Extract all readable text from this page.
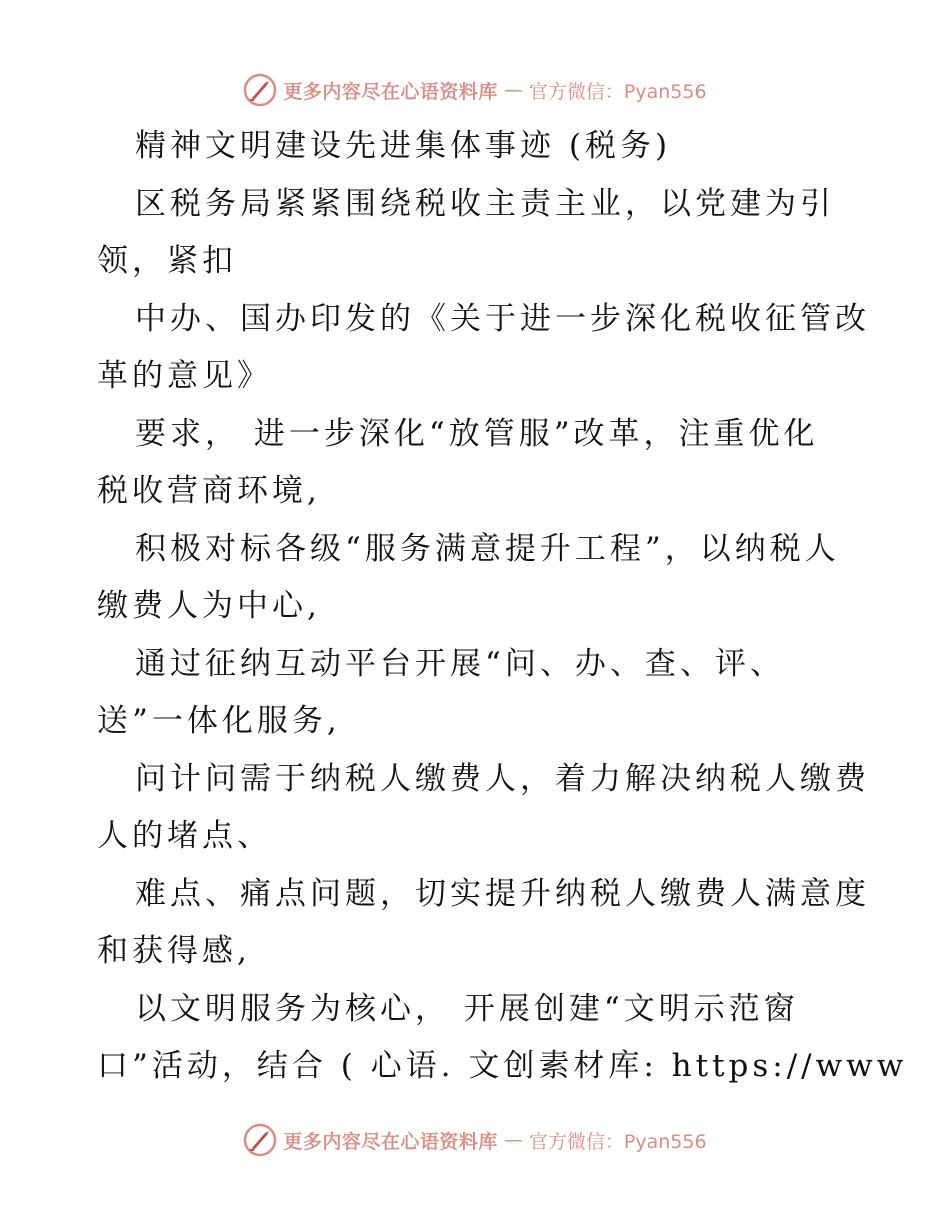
更多内容尽在心语资料库 — 官方微信：Pyan556
精神文明建设先进集体事迹 (税务)
区税务局紧紧围绕税收主责主业，以党建为引
领，紧扣
中办、国办印发的《关于进一步深化税收征管改
革的意见》
要求， 进一步深化“放管服”改革，注重优化
税收营商环境,
积极对标各级“服务满意提升工程”，以纳税人
缴费人为中心,
通过征纳互动平台开展“问、办、查、评、
送”一体化服务,
问计问需于纳税人缴费人，着力解决纳税人缴费
人的堵点、
难点、痛点问题，切实提升纳税人缴费人满意度
和获得感,
以文明服务为核心， 开展创建“文明示范窗
口”活动，结合 ( 心语. 文创素材库: https://www
更多内容尽在心语资料库 — 官方微信：Pyan556
